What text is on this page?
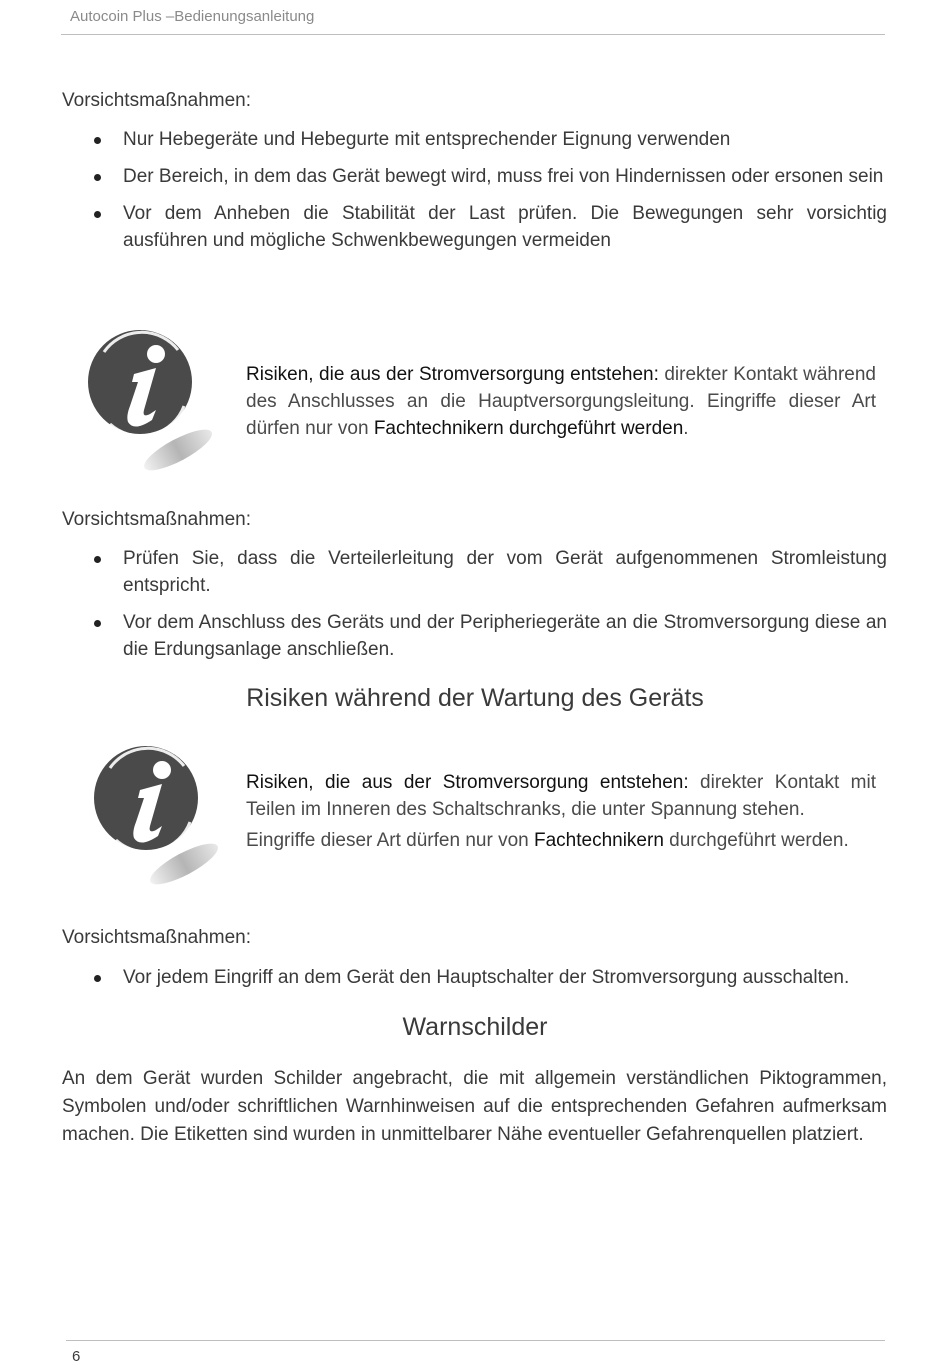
Autocoin Plus –Bedienungsanleitung
Vorsichtsmaßnahmen:
Nur Hebegeräte und Hebegurte mit entsprechender Eignung verwenden
Der Bereich, in dem das Gerät bewegt wird, muss frei von Hindernissen oder ersonen sein
Vor dem Anheben die Stabilität der Last prüfen. Die Bewegungen sehr vorsichtig ausführen und mögliche Schwenkbewegungen vermeiden

Risiken, die aus der Stromversorgung entstehen: direkter Kontakt während des Anschlusses an die Hauptversorgungsleitung. Eingriffe dieser Art dürfen nur von Fachtechnikern durchgeführt werden.

Vorsichtsmaßnahmen:
Prüfen Sie, dass die Verteilerleitung der vom Gerät aufgenommenen Stromleistung entspricht.
Vor dem Anschluss des Geräts und der Peripheriegeräte an die Stromversorgung diese an die Erdungsanlage anschließen.
Risiken während der Wartung des Geräts

Risiken, die aus der Stromversorgung entstehen: direkter Kontakt mit Teilen im Inneren des Schaltschranks, die unter Spannung stehen.

Eingriffe dieser Art dürfen nur von Fachtechnikern durchgeführt werden.

Vorsichtsmaßnahmen:
Vor jedem Eingriff an dem Gerät den Hauptschalter der Stromversorgung ausschalten.
Warnschilder
An dem Gerät wurden Schilder angebracht, die mit allgemein verständlichen Piktogrammen, Symbolen und/oder schriftlichen Warnhinweisen auf die entsprechenden Gefahren aufmerksam machen. Die Etiketten sind wurden in unmittelbarer Nähe eventueller Gefahrenquellen platziert.
6
